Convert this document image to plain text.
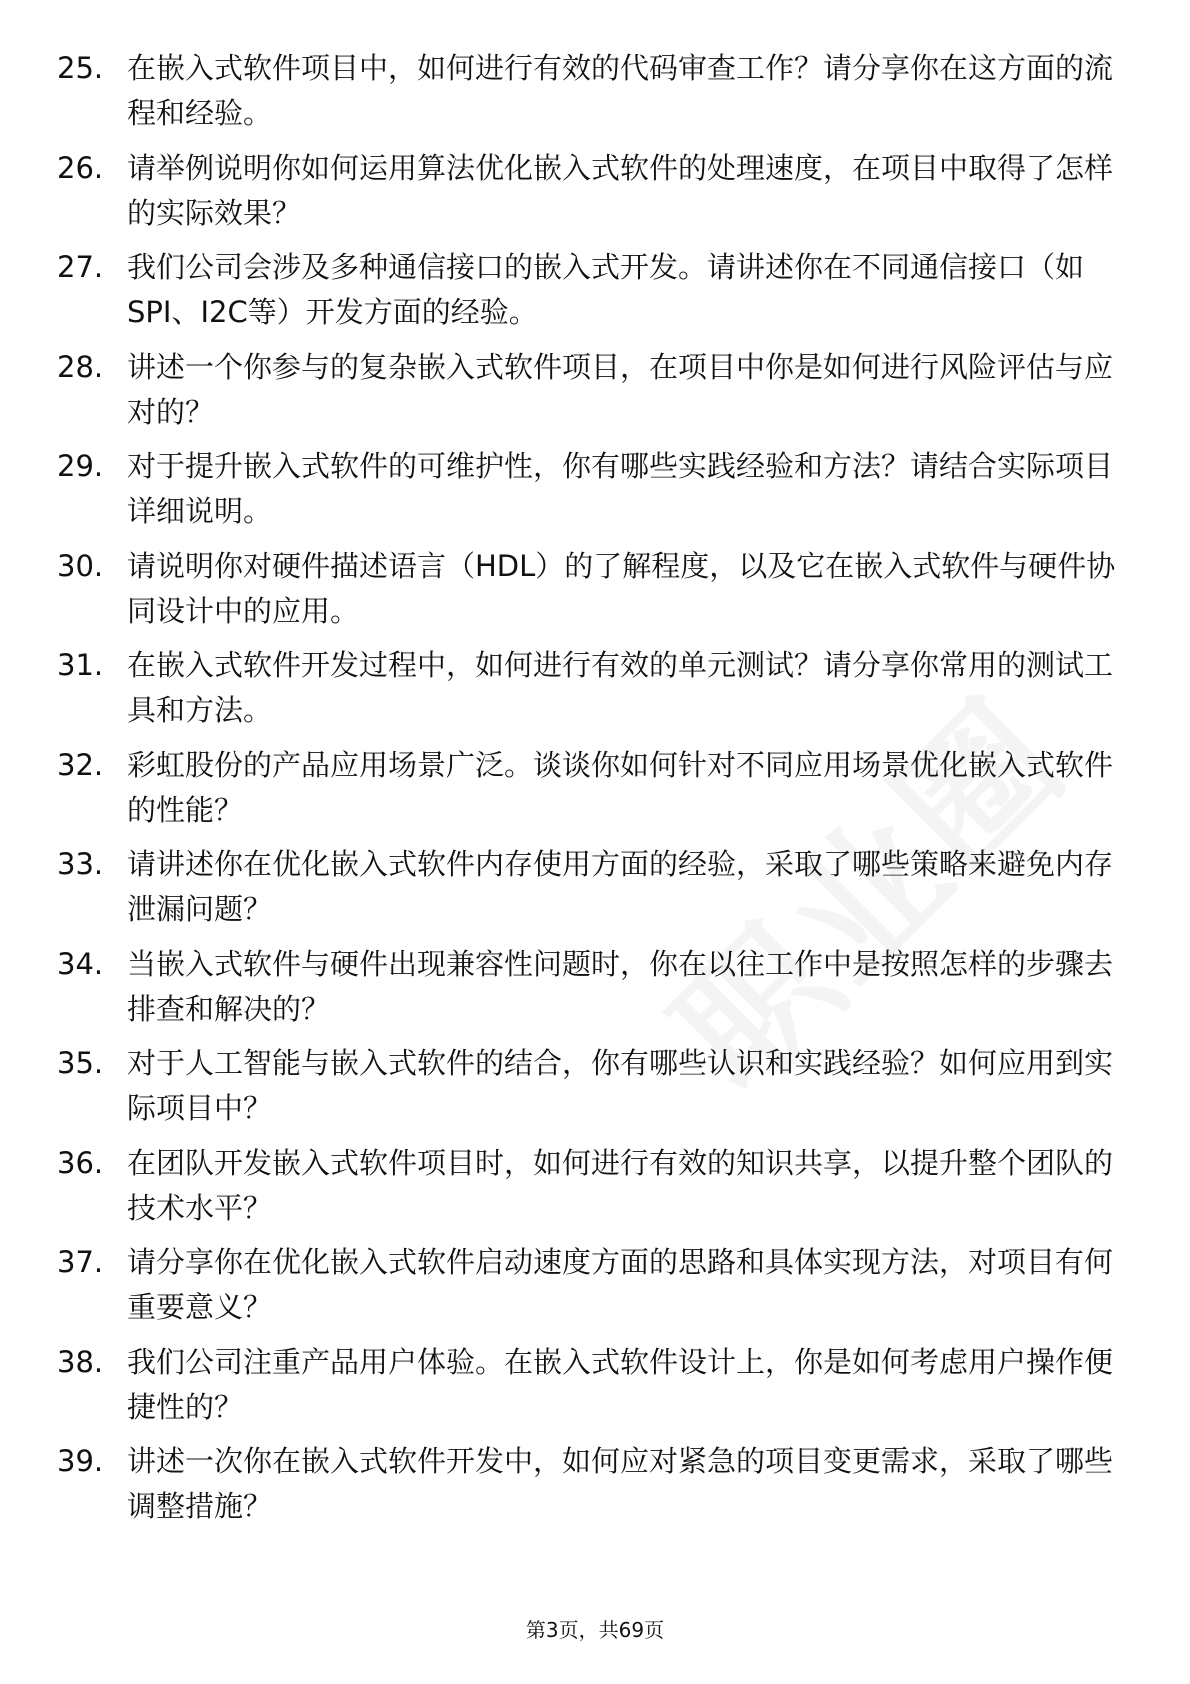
25. 在嵌入式软件项目中，如何进行有效的代码审查工作？请分享你在这方面的流程和经验。
26. 请举例说明你如何运用算法优化嵌入式软件的处理速度，在项目中取得了怎样的实际效果？
27. 我们公司会涉及多种通信接口的嵌入式开发。请讲述你在不同通信接口（如SPI、I2C等）开发方面的经验。
28. 讲述一个你参与的复杂嵌入式软件项目，在项目中你是如何进行风险评估与应对的？
29. 对于提升嵌入式软件的可维护性，你有哪些实践经验和方法？请结合实际项目详细说明。
30. 请说明你对硬件描述语言（HDL）的了解程度，以及它在嵌入式软件与硬件协同设计中的应用。
31. 在嵌入式软件开发过程中，如何进行有效的单元测试？请分享你常用的测试工具和方法。
32. 彩虹股份的产品应用场景广泛。谈谈你如何针对不同应用场景优化嵌入式软件的性能？
33. 请讲述你在优化嵌入式软件内存使用方面的经验，采取了哪些策略来避免内存泄漏问题？
34. 当嵌入式软件与硬件出现兼容性问题时，你在以往工作中是按照怎样的步骤去排查和解决的？
35. 对于人工智能与嵌入式软件的结合，你有哪些认识和实践经验？如何应用到实际项目中？
36. 在团队开发嵌入式软件项目时，如何进行有效的知识共享，以提升整个团队的技术水平？
37. 请分享你在优化嵌入式软件启动速度方面的思路和具体实现方法，对项目有何重要意义？
38. 我们公司注重产品用户体验。在嵌入式软件设计上，你是如何考虑用户操作便捷性的？
39. 讲述一次你在嵌入式软件开发中，如何应对紧急的项目变更需求，采取了哪些调整措施？
第3页，共69页
